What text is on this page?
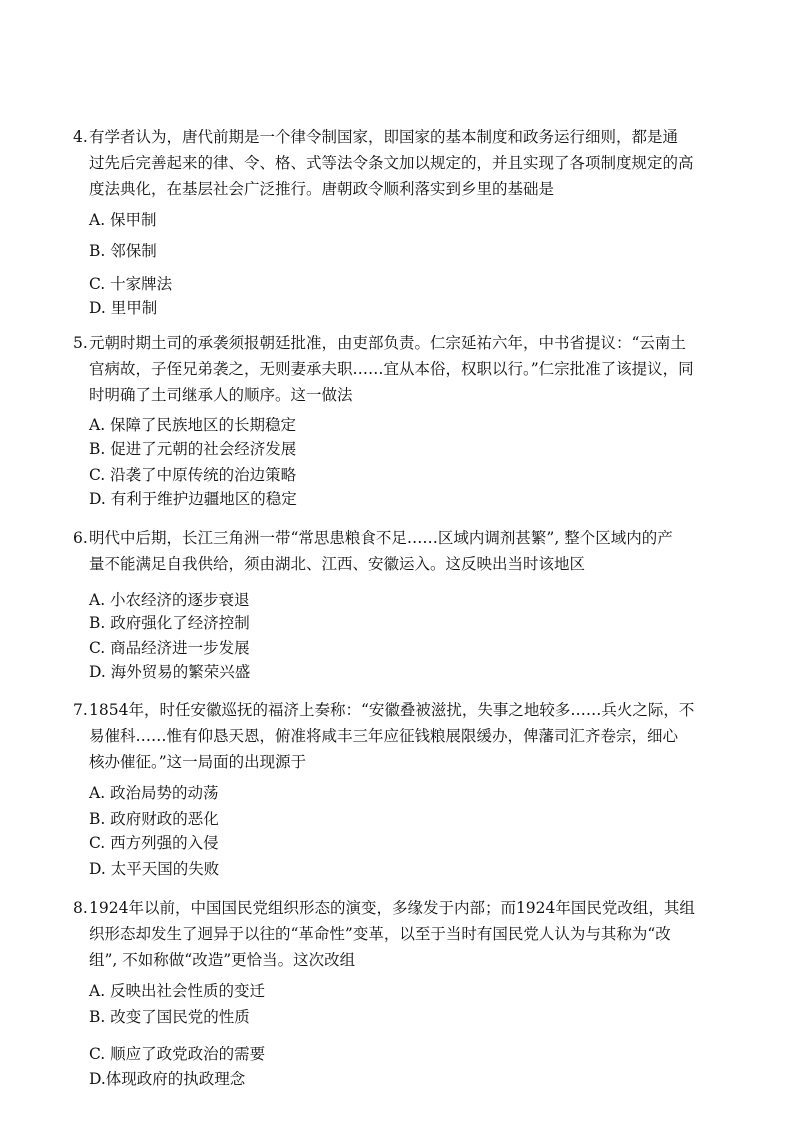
4.有学者认为，唐代前期是一个律令制国家，即国家的基本制度和政务运行细则，都是通
过先后完善起来的律、令、格、式等法令条文加以规定的，并且实现了各项制度规定的高
度法典化，在基层社会广泛推行。唐朝政令顺利落实到乡里的基础是

A. 保甲制
B. 邻保制
C. 十家牌法
D. 里甲制

5.元朝时期土司的承袭须报朝廷批准，由吏部负责。仁宗延祐六年，中书省提议：“云南土
官病故，子侄兄弟袭之，无则妻承夫职……宜从本俗，权职以行。”仁宗批准了该提议，同
时明确了土司继承人的顺序。这一做法

A. 保障了民族地区的长期稳定
B. 促进了元朝的社会经济发展
C. 沿袭了中原传统的治边策略
D. 有利于维护边疆地区的稳定

6.明代中后期，长江三角洲一带“常思患粮食不足……区域内调剂甚繁”, 整个区域内的产
量不能满足自我供给，须由湖北、江西、安徽运入。这反映出当时该地区

A. 小农经济的逐步衰退
B. 政府强化了经济控制
C. 商品经济进一步发展
D. 海外贸易的繁荣兴盛

7.1854年，时任安徽巡抚的福济上奏称：“安徽叠被滋扰，失事之地较多……兵火之际，不
易催科……惟有仰恳天恩，俯准将咸丰三年应征钱粮展限缓办，俾藩司汇齐卷宗，细心
核办催征。”这一局面的出现源于

A. 政治局势的动荡
B. 政府财政的恶化
C. 西方列强的入侵
D. 太平天国的失败

8.1924年以前，中国国民党组织形态的演变，多缘发于内部；而1924年国民党改组，其组
织形态却发生了迥异于以往的“革命性”变革，以至于当时有国民党人认为与其称为“改
组”, 不如称做“改造”更恰当。这次改组

A. 反映出社会性质的变迁
B. 改变了国民党的性质
C. 顺应了政党政治的需要
D.体现政府的执政理念
